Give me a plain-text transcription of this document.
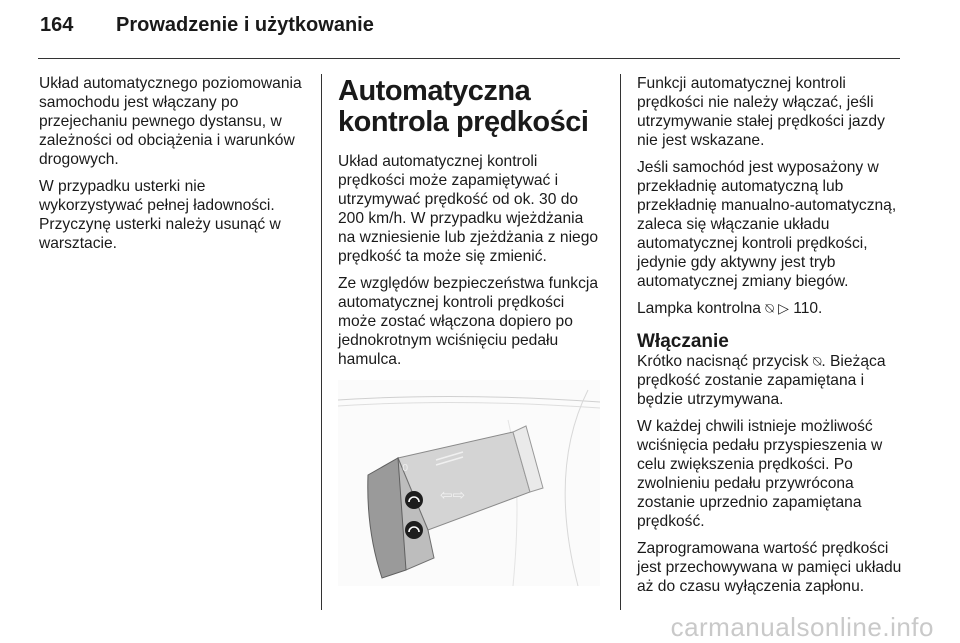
164 Prowadzenie i użytkowanie

Układ automatycznego poziomowania samochodu jest włączany po przejechaniu pewnego dystansu, w zależności od obciążenia i warunków drogowych.

W przypadku usterki nie wykorzystywać pełnej ładowności. Przyczynę usterki należy usunąć w warsztacie.

Automatyczna kontrola prędkości

Układ automatycznej kontroli prędkości może zapamiętywać i utrzymywać prędkość od ok. 30 do 200 km/h. W przypadku wjeżdżania na wzniesienie lub zjeżdżania z niego prędkość ta może się zmienić.

Ze względów bezpieczeństwa funkcja automatycznej kontroli prędkości może zostać włączona dopiero po jednokrotnym wciśnięciu pedału hamulca.

⇦⇨
0

Funkcji automatycznej kontroli prędkości nie należy włączać, jeśli utrzymywanie stałej prędkości jazdy nie jest wskazane.

Jeśli samochód jest wyposażony w przekładnię automatyczną lub przekładnię manualno-automatyczną, zaleca się włączanie układu automatycznej kontroli prędkości, jedynie gdy aktywny jest tryb automatycznej zmiany biegów.

Lampka kontrolna ⍉ ▷ 110.

Włączanie

Krótko nacisnąć przycisk ⍉. Bieżąca prędkość zostanie zapamiętana i będzie utrzymywana.

W każdej chwili istnieje możliwość wciśnięcia pedału przyspieszenia w celu zwiększenia prędkości. Po zwolnieniu pedału przywrócona zostanie uprzednio zapamiętana prędkość.

Zaprogramowana wartość prędkości jest przechowywana w pamięci układu aż do czasu wyłączenia zapłonu.

carmanualsonline.info
